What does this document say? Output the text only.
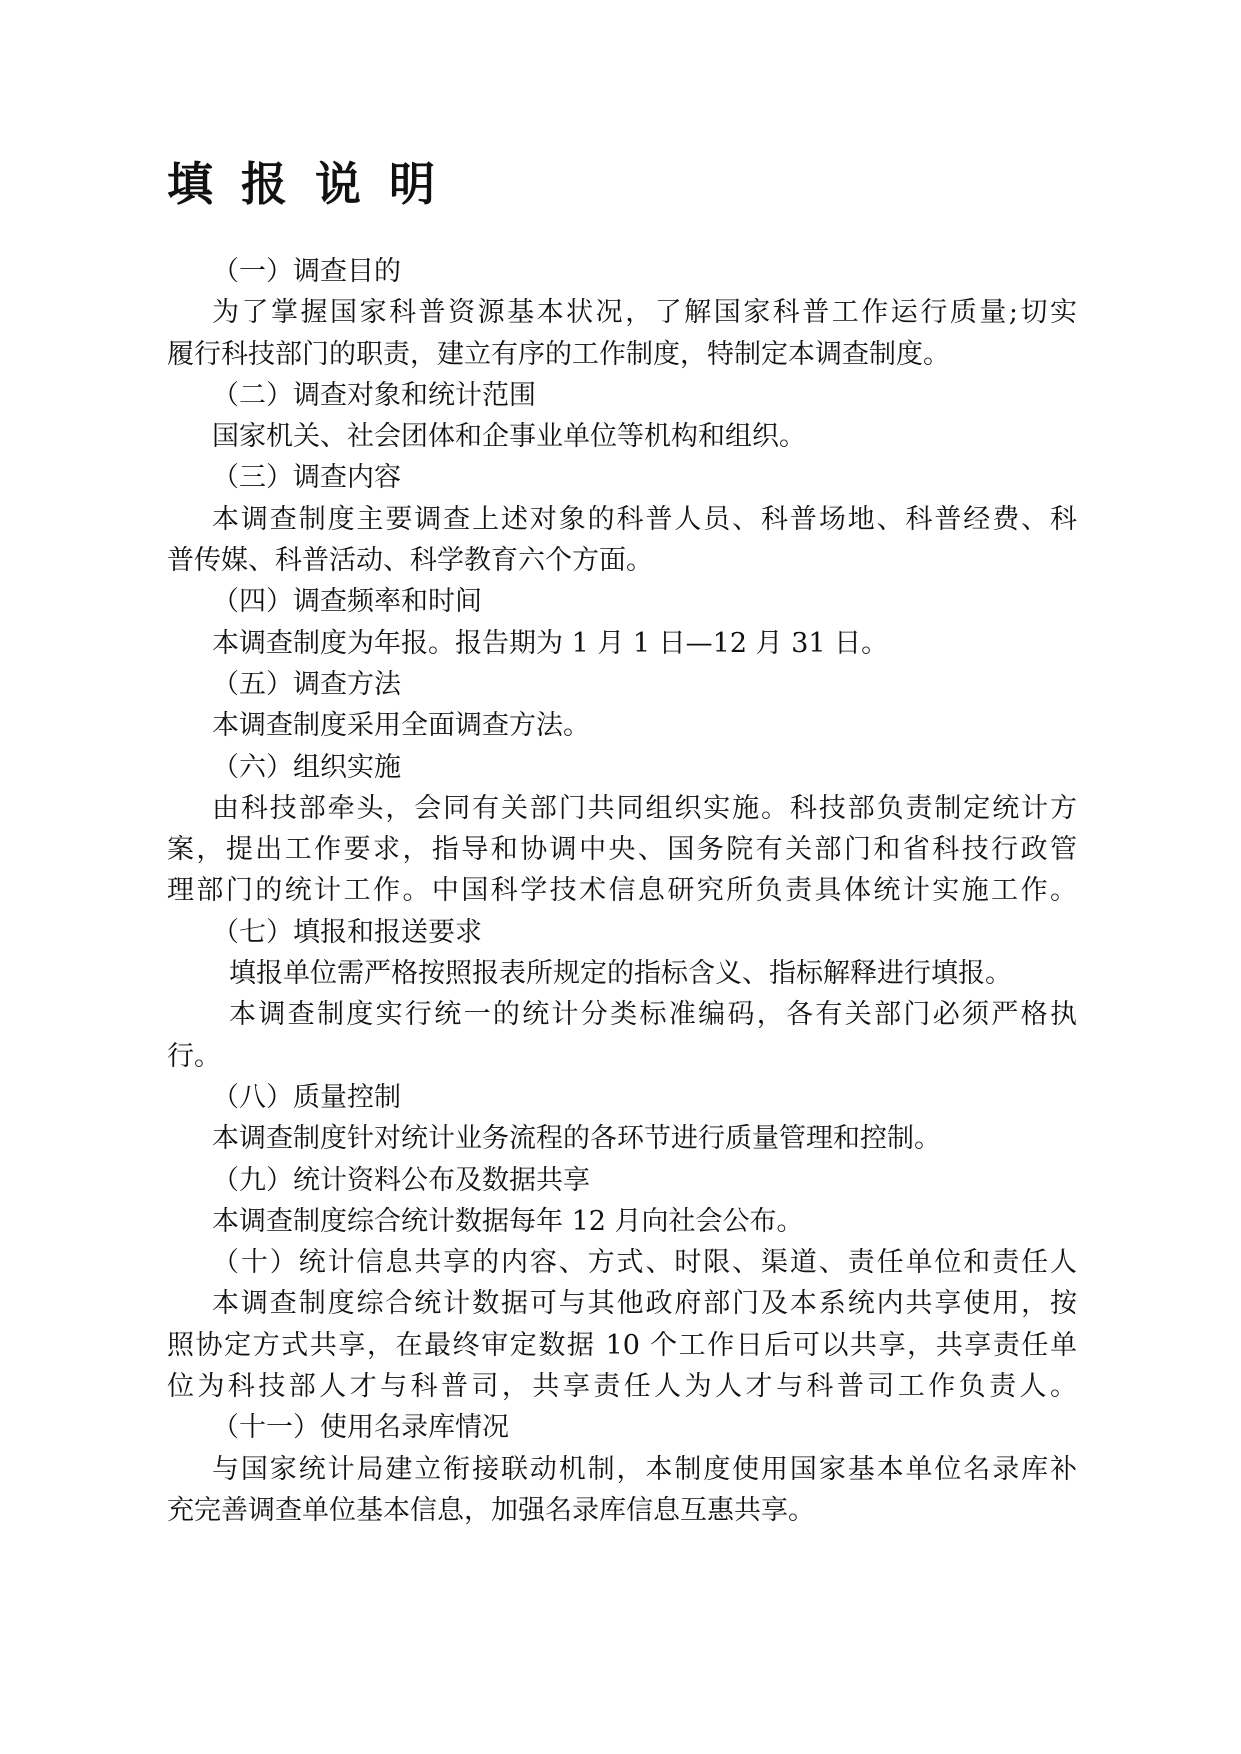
填报说明
（一）调查目的
为了掌握国家科普资源基本状况，了解国家科普工作运行质量;切实
履行科技部门的职责，建立有序的工作制度，特制定本调查制度。
（二）调查对象和统计范围
国家机关、社会团体和企事业单位等机构和组织。
（三）调查内容
本调查制度主要调查上述对象的科普人员、科普场地、科普经费、科
普传媒、科普活动、科学教育六个方面。
（四）调查频率和时间
本调查制度为年报。报告期为 1 月 1 日—12 月 31 日。
（五）调查方法
本调查制度采用全面调查方法。
（六）组织实施
由科技部牵头，会同有关部门共同组织实施。科技部负责制定统计方
案，提出工作要求，指导和协调中央、国务院有关部门和省科技行政管
理部门的统计工作。中国科学技术信息研究所负责具体统计实施工作。
（七）填报和报送要求
填报单位需严格按照报表所规定的指标含义、指标解释进行填报。
本调查制度实行统一的统计分类标准编码，各有关部门必须严格执
行。
（八）质量控制
本调查制度针对统计业务流程的各环节进行质量管理和控制。
（九）统计资料公布及数据共享
本调查制度综合统计数据每年 12 月向社会公布。
（十）统计信息共享的内容、方式、时限、渠道、责任单位和责任人
本调查制度综合统计数据可与其他政府部门及本系统内共享使用，按
照协定方式共享，在最终审定数据 10 个工作日后可以共享，共享责任单
位为科技部人才与科普司，共享责任人为人才与科普司工作负责人。
（十一）使用名录库情况
与国家统计局建立衔接联动机制，本制度使用国家基本单位名录库补
充完善调查单位基本信息，加强名录库信息互惠共享。
